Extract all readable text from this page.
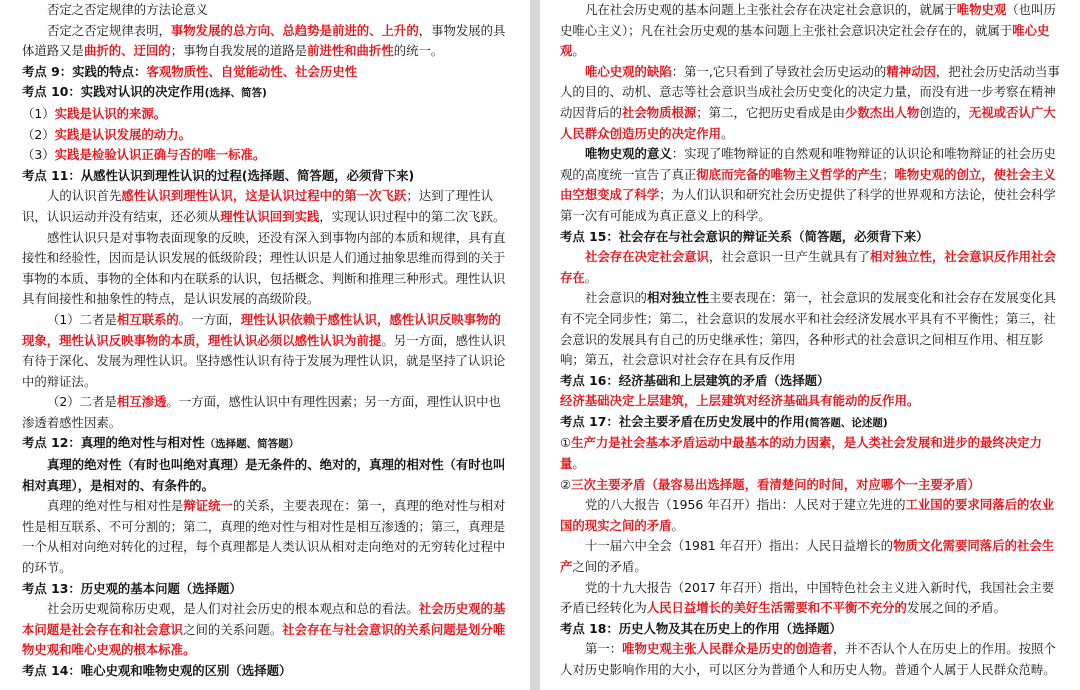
否定之否定规律的方法论意义

否定之否定规律表明，事物发展的总方向、总趋势是前进的、上升的，事物发展的具体道路又是曲折的、迂回的；事物自我发展的道路是前进性和曲折性的统一。

考点 9：实践的特点：客观物质性、自觉能动性、社会历史性

考点 10：实践对认识的决定作用(选择、简答)

（1）实践是认识的来源。

（2）实践是认识发展的动力。

（3）实践是检验认识正确与否的唯一标准。

考点 11：从感性认识到理性认识的过程(选择题、简答题，必须背下来)

人的认识首先感性认识到理性认识，这是认识过程中的第一次飞跃；达到了理性认识，认识运动并没有结束，还必须从理性认识回到实践，实现认识过程中的第二次飞跃。

感性认识只是对事物表面现象的反映，还没有深入到事物内部的本质和规律，具有直接性和经验性，因而是认识发展的低级阶段；理性认识是人们通过抽象思维而得到的关于事物的本质、事物的全体和内在联系的认识，包括概念、判断和推理三种形式。理性认识具有间接性和抽象性的特点，是认识发展的高级阶段。

（1）二者是相互联系的。一方面，理性认识依赖于感性认识，感性认识反映事物的现象，理性认识反映事物的本质，理性认识必须以感性认识为前提。另一方面，感性认识有待于深化、发展为理性认识。坚持感性认识有待于发展为理性认识，就是坚持了认识论中的辩证法。

（2）二者是相互渗透。一方面，感性认识中有理性因素；另一方面，理性认识中也渗透着感性因素。

考点 12：真理的绝对性与相对性（选择题、简答题）

真理的绝对性（有时也叫绝对真理）是无条件的、绝对的，真理的相对性（有时也叫相对真理），是相对的、有条件的。

真理的绝对性与相对性是辩证统一的关系，主要表现在：第一，真理的绝对性与相对性是相互联系、不可分割的；第二，真理的绝对性与相对性是相互渗透的；第三，真理是一个从相对向绝对转化的过程，每个真理都是人类认识从相对走向绝对的无穷转化过程中的环节。

考点 13：历史观的基本问题（选择题）

社会历史观简称历史观，是人们对社会历史的根本观点和总的看法。社会历史观的基本问题是社会存在和社会意识之间的关系问题。社会存在与社会意识的关系问题是划分唯物史观和唯心史观的根本标准。

考点 14：唯心史观和唯物史观的区别（选择题）

凡在社会历史观的基本问题上主张社会存在决定社会意识的，就属于唯物史观（也叫历史唯心主义）；凡在社会历史观的基本问题上主张社会意识决定社会存在的，就属于唯心史观。

唯心史观的缺陷：第一,它只看到了导致社会历史运动的精神动因，把社会历史活动当事人的目的、动机、意志等社会意识当成社会历史变化的决定力量，而没有进一步考察在精神动因背后的社会物质根源；第二，它把历史看成是由少数杰出人物创造的，无视或否认广大人民群众创造历史的决定作用。

唯物史观的意义：实现了唯物辩证的自然观和唯物辩证的认识论和唯物辩证的社会历史观的高度统一宣告了真正彻底而完备的唯物主义哲学的产生；唯物史观的创立，使社会主义由空想变成了科学；为人们认识和研究社会历史提供了科学的世界观和方法论，使社会科学第一次有可能成为真正意义上的科学。

考点 15：社会存在与社会意识的辩证关系（简答题，必须背下来）

社会存在决定社会意识，社会意识一旦产生就具有了相对独立性，社会意识反作用社会存在。

社会意识的相对独立性主要表现在：第一，社会意识的发展变化和社会存在发展变化具有不完全同步性；第二，社会意识的发展水平和社会经济发展水平具有不平衡性；第三，社会意识的发展具有自己的历史继承性；第四，各种形式的社会意识之间相互作用、相互影响；第五，社会意识对社会存在具有反作用

考点 16：经济基础和上层建筑的矛盾（选择题）

经济基础决定上层建筑，上层建筑对经济基础具有能动的反作用。

考点 17：社会主要矛盾在历史发展中的作用(简答题、论述题)

①生产力是社会基本矛盾运动中最基本的动力因素，是人类社会发展和进步的最终决定力量。

②三次主要矛盾（最容易出选择题，看清楚问的时间，对应哪个一主要矛盾）

党的八大报告（1956 年召开）指出：人民对于建立先进的工业国的要求同落后的农业国的现实之间的矛盾。

十一届六中全会（1981 年召开）指出：人民日益增长的物质文化需要同落后的社会生产之间的矛盾。

党的十九大报告（2017 年召开）指出，中国特色社会主义进入新时代，我国社会主要矛盾已经转化为人民日益增长的美好生活需要和不平衡不充分的发展之间的矛盾。

考点 18：历史人物及其在历史上的作用（选择题）

第一：唯物史观主张人民群众是历史的创造者，并不否认个人在历史上的作用。按照个人对历史影响作用的大小，可以区分为普通个人和历史人物。普通个人属于人民群众范畴。
